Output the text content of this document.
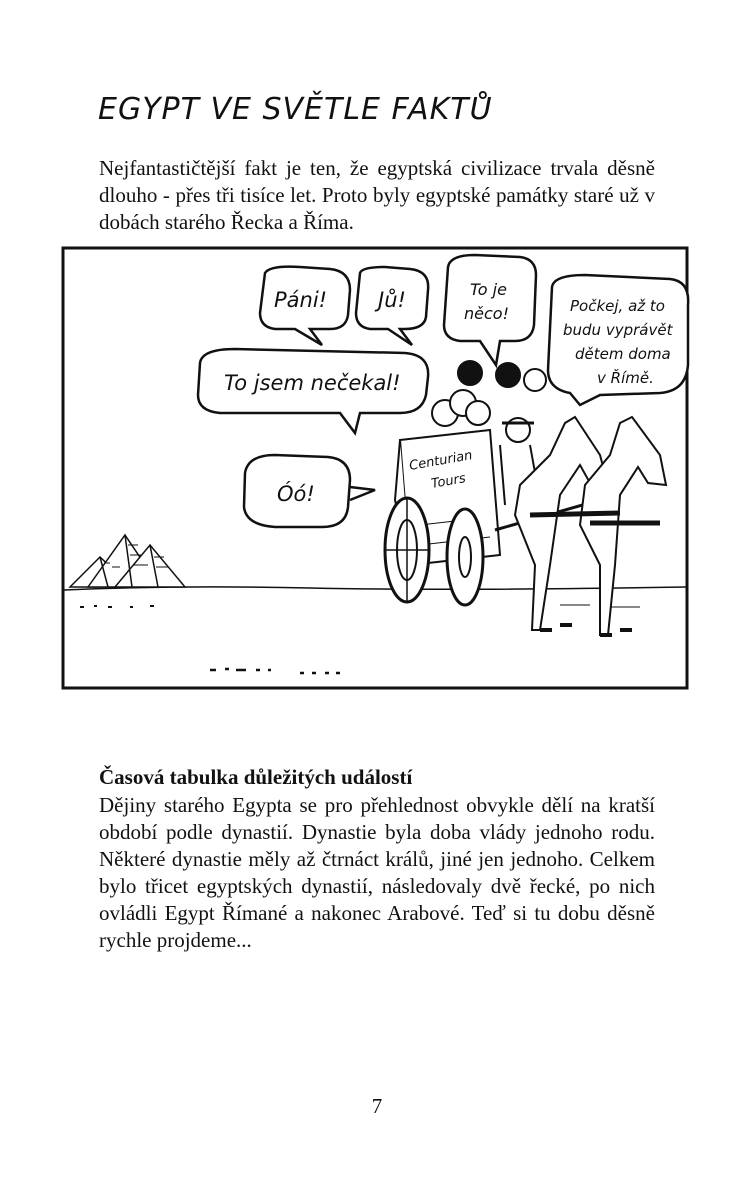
EGYPT VE SVĚTLE FAKTŮ

Nejfantastičtější fakt je ten, že egyptská civilizace trvala děsně dlouho - přes tři tisíce let. Proto byly egyptské památky staré už v dobách starého Řecka a Říma.

Centurian
Tours
Páni! Jů!	To je
něco!	Počkej, až to
budu vyprávět
dětem doma
v Římě.
To jsem nečekal!
Óó!
Časová tabulka důležitých událostí

Dějiny starého Egypta se pro přehlednost obvykle dělí na kratší období podle dynastií. Dynastie byla doba vlády jednoho rodu. Některé dynastie měly až čtrnáct králů, jiné jen jednoho. Celkem bylo třicet egyptských dynastií, následovaly dvě řecké, po nich ovládli Egypt Římané a nakonec Arabové. Teď si tu dobu děsně rychle projdeme...

7
